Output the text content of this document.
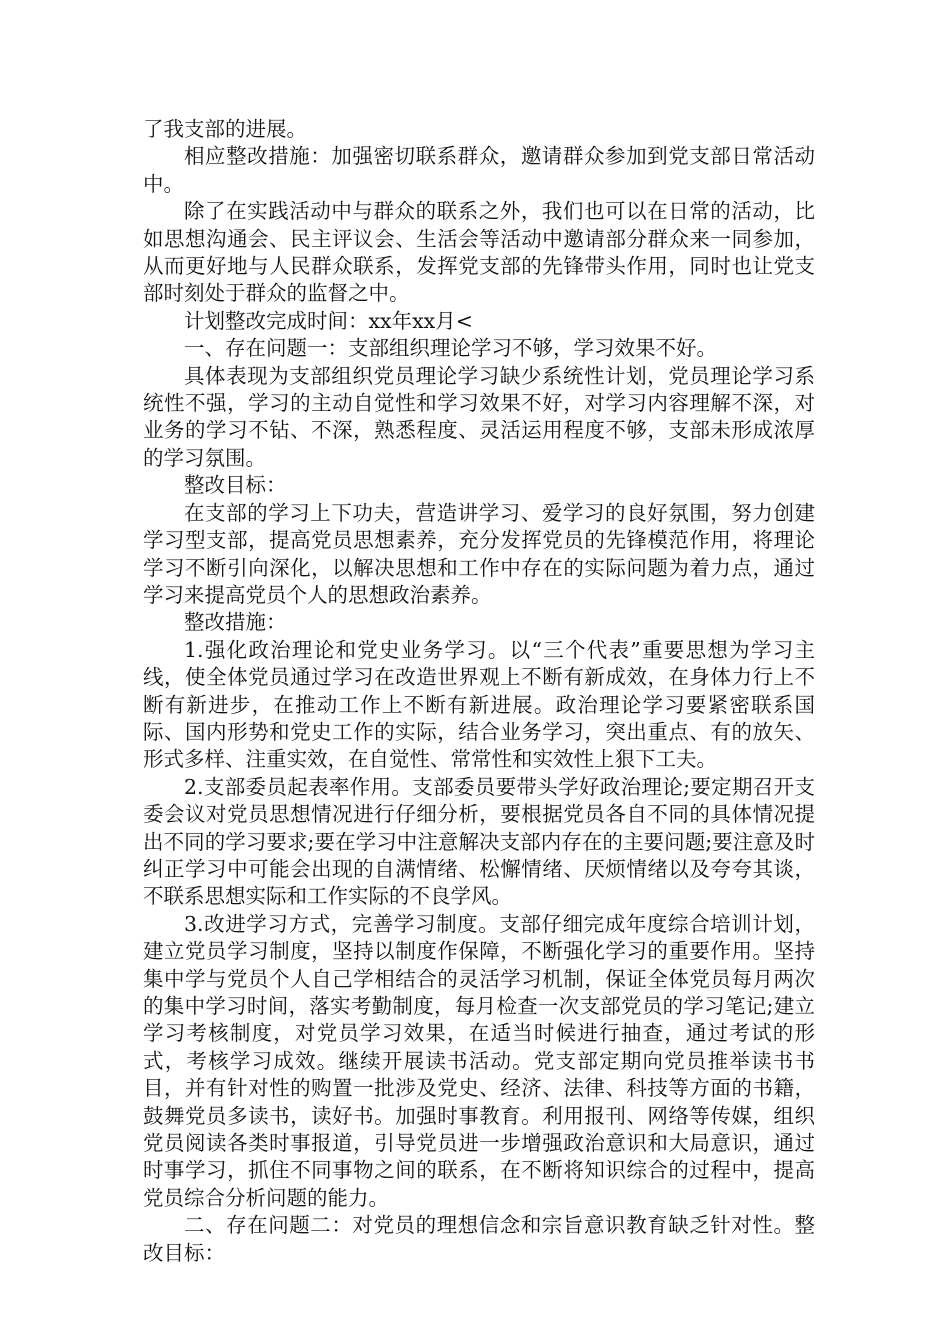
了我支部的进展。

相应整改措施：加强密切联系群众，邀请群众参加到党支部日常活动中。

除了在实践活动中与群众的联系之外，我们也可以在日常的活动，比如思想沟通会、民主评议会、生活会等活动中邀请部分群众来一同参加，从而更好地与人民群众联系，发挥党支部的先锋带头作用，同时也让党支部时刻处于群众的监督之中。

计划整改完成时间：xx年xx月<

一、存在问题一：支部组织理论学习不够，学习效果不好。

具体表现为支部组织党员理论学习缺少系统性计划，党员理论学习系统性不强，学习的主动自觉性和学习效果不好，对学习内容理解不深，对业务的学习不钻、不深，熟悉程度、灵活运用程度不够，支部未形成浓厚的学习氛围。

整改目标：

在支部的学习上下功夫，营造讲学习、爱学习的良好氛围，努力创建学习型支部，提高党员思想素养，充分发挥党员的先锋模范作用，将理论学习不断引向深化，以解决思想和工作中存在的实际问题为着力点，通过学习来提高党员个人的思想政治素养。

整改措施：

1.强化政治理论和党史业务学习。以“三个代表”重要思想为学习主线，使全体党员通过学习在改造世界观上不断有新成效，在身体力行上不断有新进步，在推动工作上不断有新进展。政治理论学习要紧密联系国际、国内形势和党史工作的实际，结合业务学习，突出重点、有的放矢、形式多样、注重实效，在自觉性、常常性和实效性上狠下工夫。

2.支部委员起表率作用。支部委员要带头学好政治理论;要定期召开支委会议对党员思想情况进行仔细分析，要根据党员各自不同的具体情况提出不同的学习要求;要在学习中注意解决支部内存在的主要问题;要注意及时纠正学习中可能会出现的自满情绪、松懈情绪、厌烦情绪以及夸夸其谈，不联系思想实际和工作实际的不良学风。

3.改进学习方式，完善学习制度。支部仔细完成年度综合培训计划，建立党员学习制度，坚持以制度作保障，不断强化学习的重要作用。坚持集中学与党员个人自己学相结合的灵活学习机制，保证全体党员每月两次的集中学习时间，落实考勤制度，每月检查一次支部党员的学习笔记;建立学习考核制度，对党员学习效果，在适当时候进行抽查，通过考试的形式，考核学习成效。继续开展读书活动。党支部定期向党员推举读书书目，并有针对性的购置一批涉及党史、经济、法律、科技等方面的书籍，鼓舞党员多读书，读好书。加强时事教育。利用报刊、网络等传媒，组织党员阅读各类时事报道，引导党员进一步增强政治意识和大局意识，通过时事学习，抓住不同事物之间的联系，在不断将知识综合的过程中，提高党员综合分析问题的能力。

二、存在问题二：对党员的理想信念和宗旨意识教育缺乏针对性。整改目标：
